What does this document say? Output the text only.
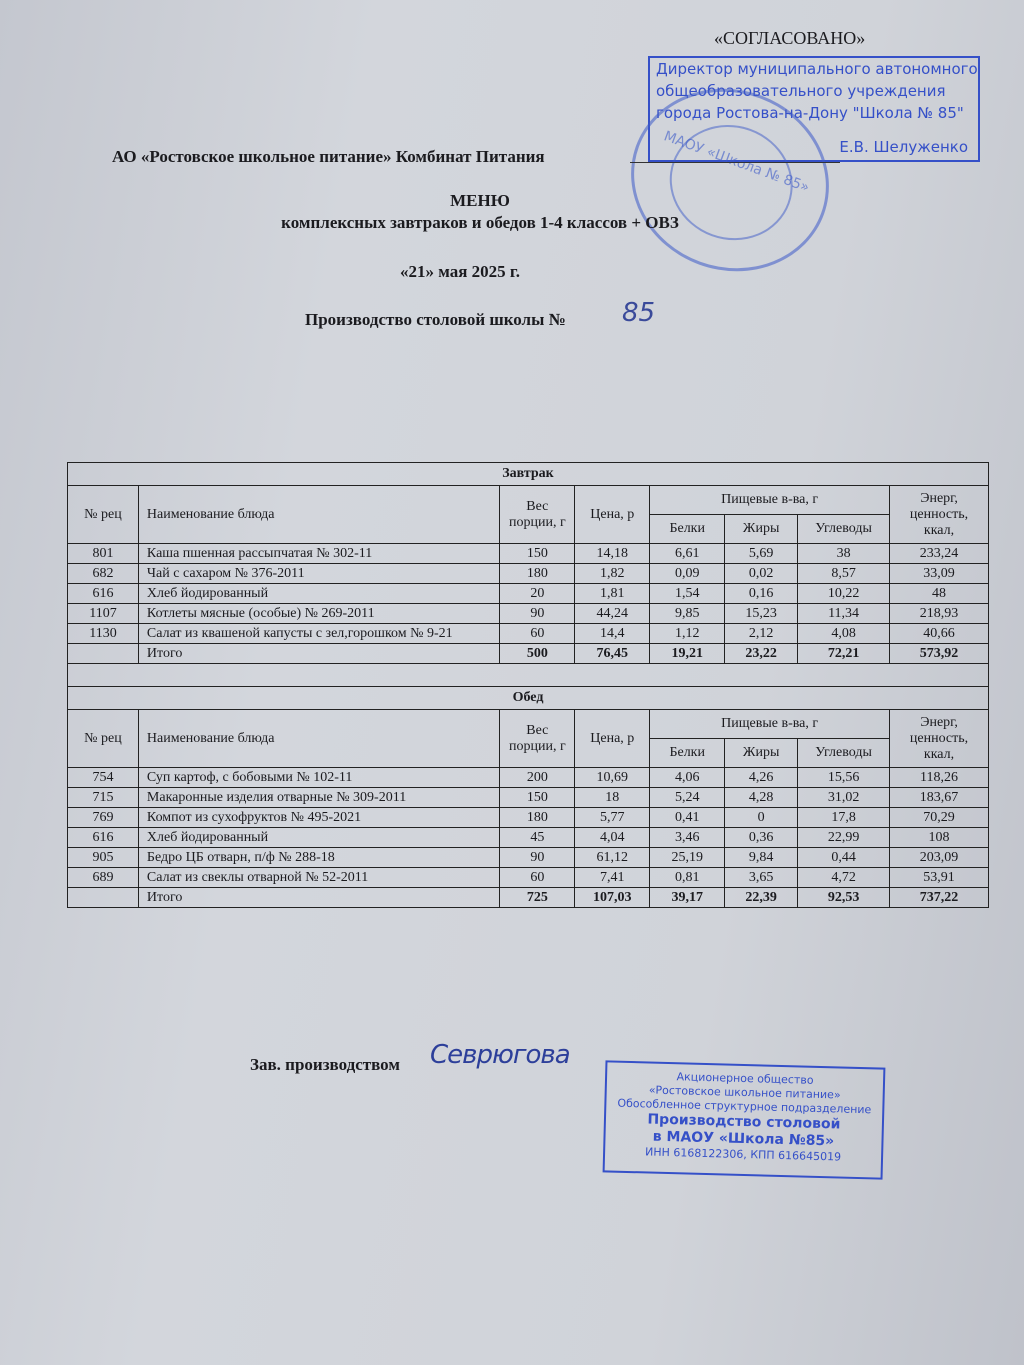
«СОГЛАСОВАНО»
Директор муниципального автономного
общеобразовательного учреждения
города Ростова-на-Дону "Школа № 85"
Е.В. Шелуженко
МАОУ «Школа № 85»
АО «Ростовское школьное питание» Комбинат Питания
МЕНЮ
комплексных завтраков и обедов 1-4 классов + ОВЗ
«21» мая 2025 г.
Производство столовой школы № 85
Завтрак							
№ рец	Наименование блюда	Вес порции, г	Цена, р	Пищевые в-ва, г			Энерг, ценность, ккал,
				Белки	Жиры	Углеводы	
801	Каша пшенная рассыпчатая № 302-11	150	14,18	6,61	5,69	38	233,24
682	Чай с сахаром № 376-2011	180	1,82	0,09	0,02	8,57	33,09
616	Хлеб йодированный	20	1,81	1,54	0,16	10,22	48
1107	Котлеты мясные (особые) № 269-2011	90	44,24	9,85	15,23	11,34	218,93
1130	Салат из квашеной капусты с зел,горошком № 9-21	60	14,4	1,12	2,12	4,08	40,66
	Итого	500	76,45	19,21	23,22	72,21	573,92

Обед							
№ рец	Наименование блюда	Вес порции, г	Цена, р	Пищевые в-ва, г			Энерг, ценность, ккал,
				Белки	Жиры	Углеводы	
754	Суп картоф, с бобовыми № 102-11	200	10,69	4,06	4,26	15,56	118,26
715	Макаронные изделия отварные № 309-2011	150	18	5,24	4,28	31,02	183,67
769	Компот из сухофруктов № 495-2021	180	5,77	0,41	0	17,8	70,29
616	Хлеб йодированный	45	4,04	3,46	0,36	22,99	108
905	Бедро ЦБ отварн, п/ф № 288-18	90	61,12	25,19	9,84	0,44	203,09
689	Салат из свеклы отварной № 52-2011	60	7,41	0,81	3,65	4,72	53,91
	Итого	725	107,03	39,17	22,39	92,53	737,22
Зав. производством Севрюгова
Акционерное общество
«Ростовское школьное питание»
Обособленное структурное подразделение
Производство столовой
в МАОУ «Школа №85»
ИНН 6168122306, КПП 616645019
